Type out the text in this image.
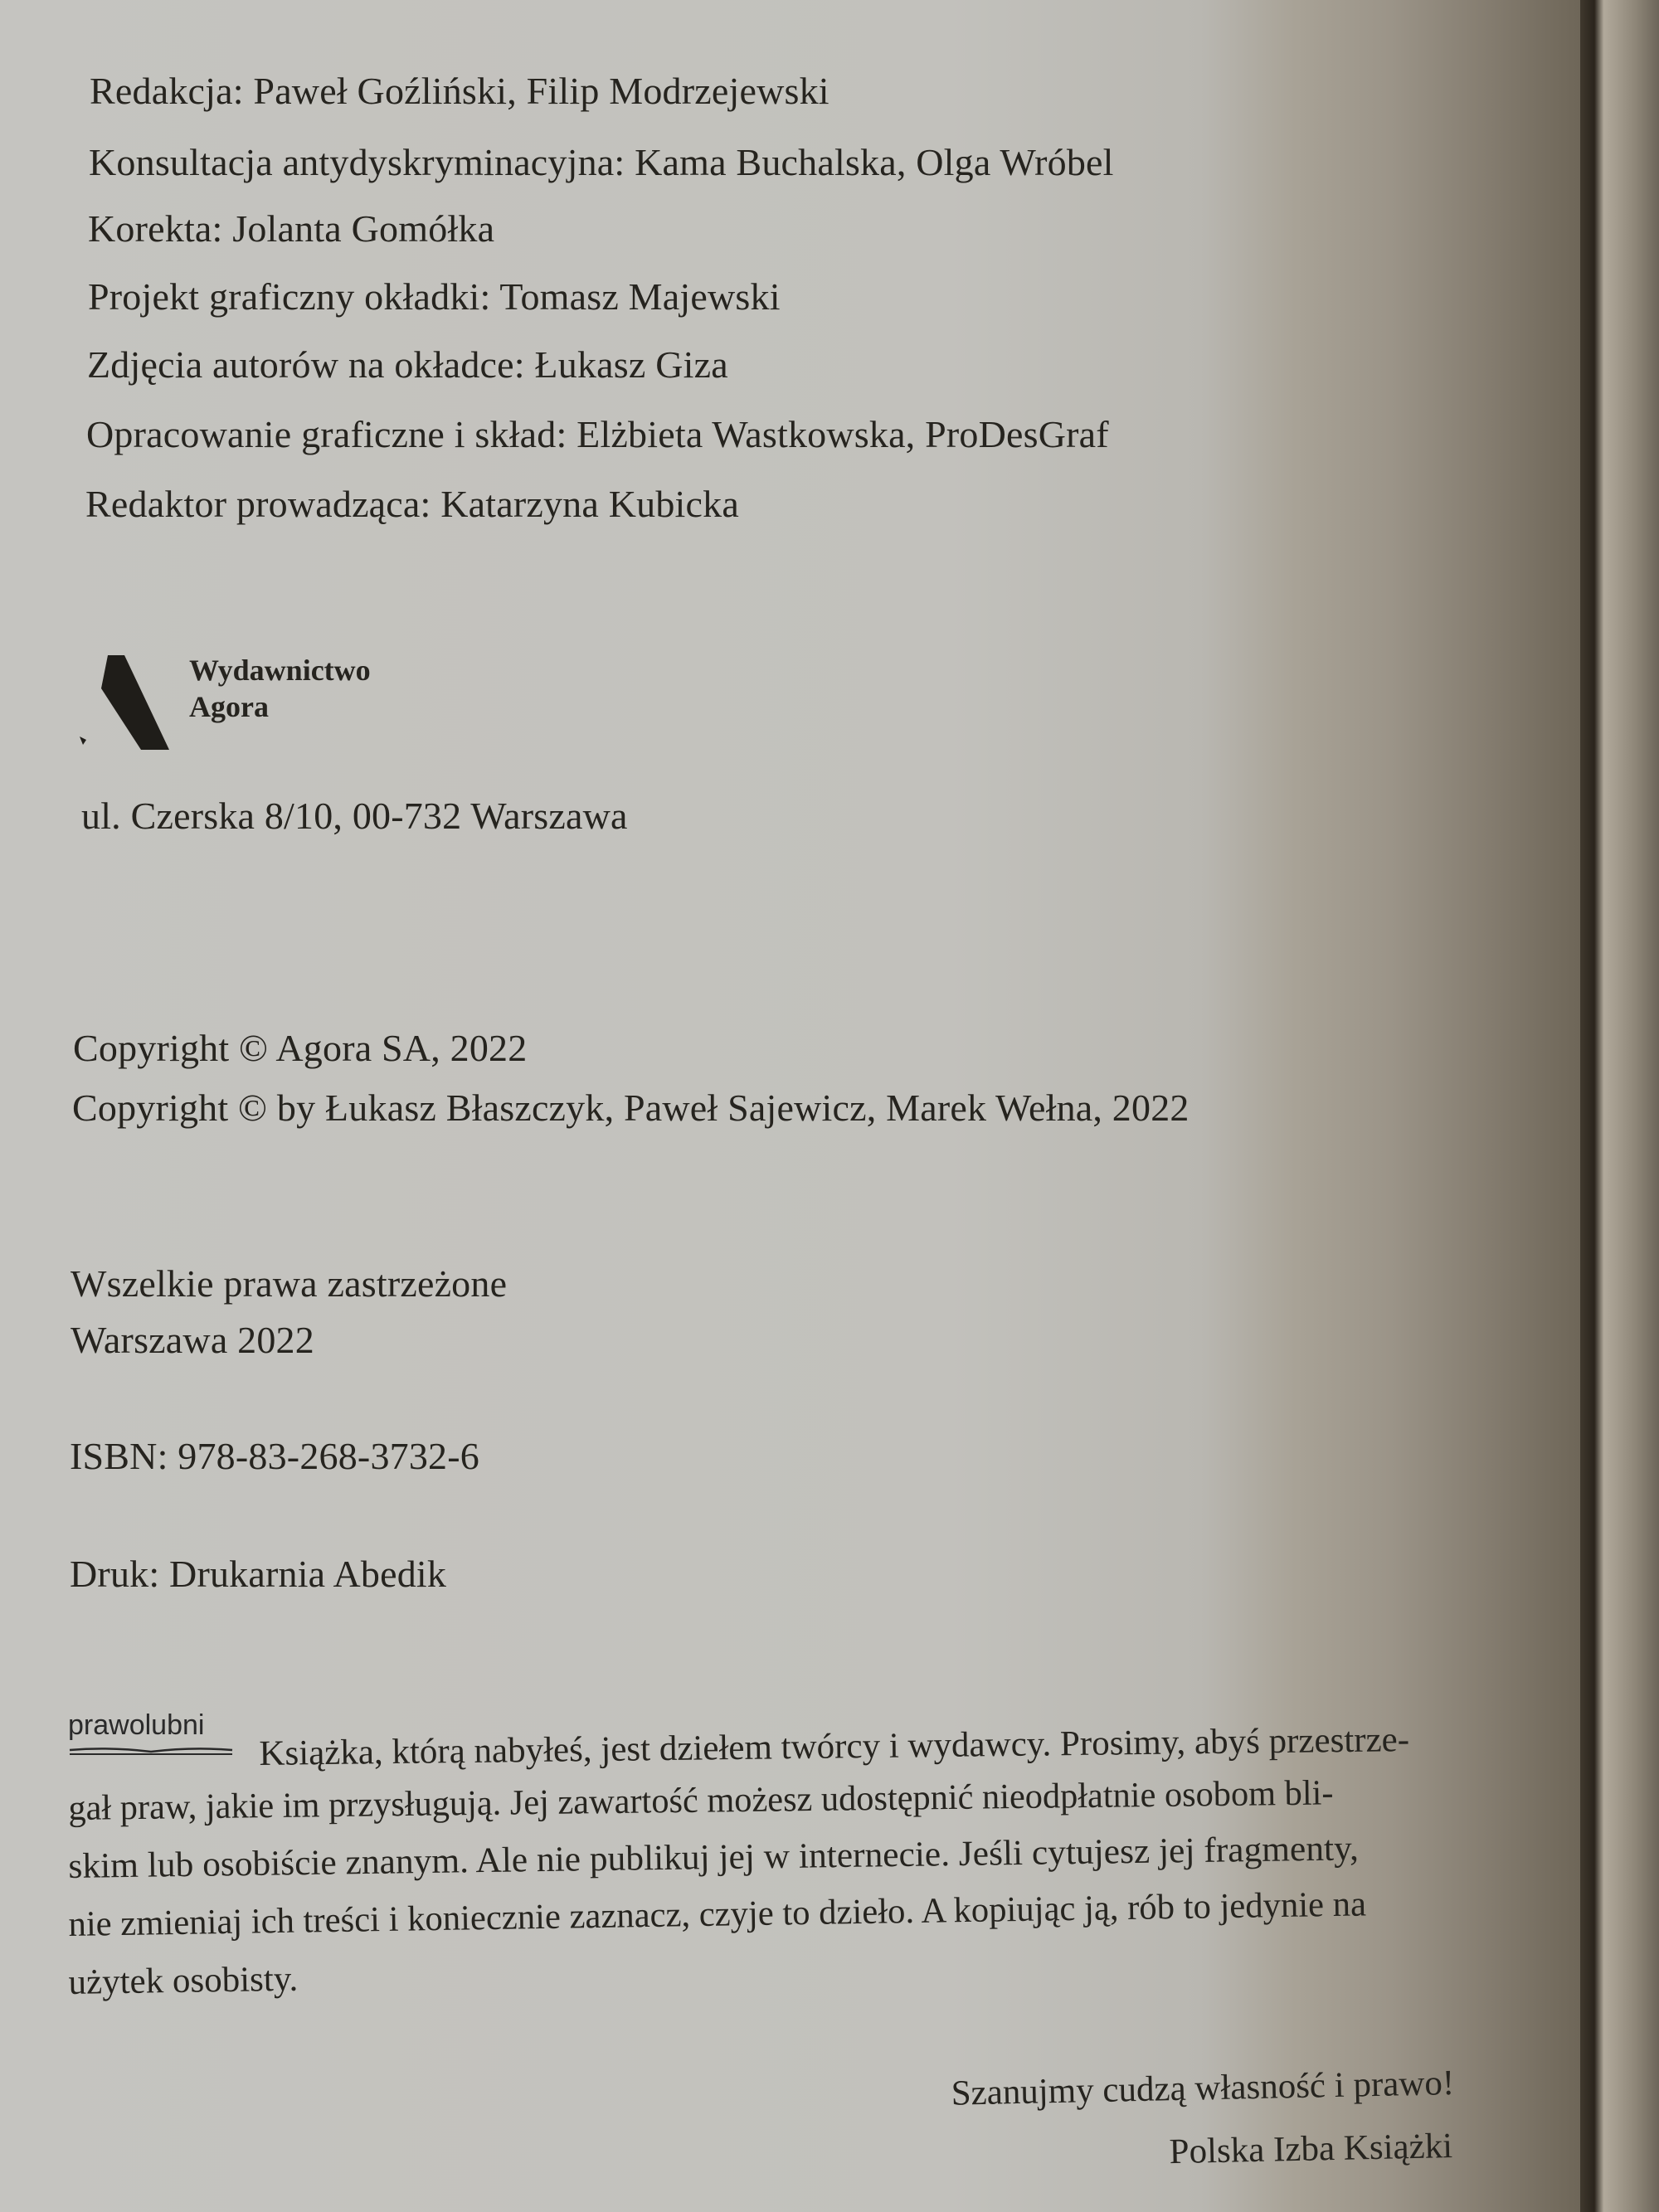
Redakcja: Paweł Goźliński, Filip Modrzejewski
Konsultacja antydyskryminacyjna: Kama Buchalska, Olga Wróbel
Korekta: Jolanta Gomółka
Projekt graficzny okładki: Tomasz Majewski
Zdjęcia autorów na okładce: Łukasz Giza
Opracowanie graficzne i skład: Elżbieta Wastkowska, ProDesGraf
Redaktor prowadząca: Katarzyna Kubicka
Wydawnictwo
Agora
ul. Czerska 8/10, 00-732 Warszawa
Copyright © Agora SA, 2022
Copyright © by Łukasz Błaszczyk, Paweł Sajewicz, Marek Wełna, 2022
Wszelkie prawa zastrzeżone
Warszawa 2022
ISBN: 978-83-268-3732-6
Druk: Drukarnia Abedik
prawolubni Książka, którą nabyłeś, jest dziełem twórcy i wydawcy. Prosimy, abyś przestrze-
gał praw, jakie im przysługują. Jej zawartość możesz udostępnić nieodpłatnie osobom bli-
skim lub osobiście znanym. Ale nie publikuj jej w internecie. Jeśli cytujesz jej fragmenty,
nie zmieniaj ich treści i koniecznie zaznacz, czyje to dzieło. A kopiując ją, rób to jedynie na
użytek osobisty.
Szanujmy cudzą własność i prawo!
Polska Izba Książki
